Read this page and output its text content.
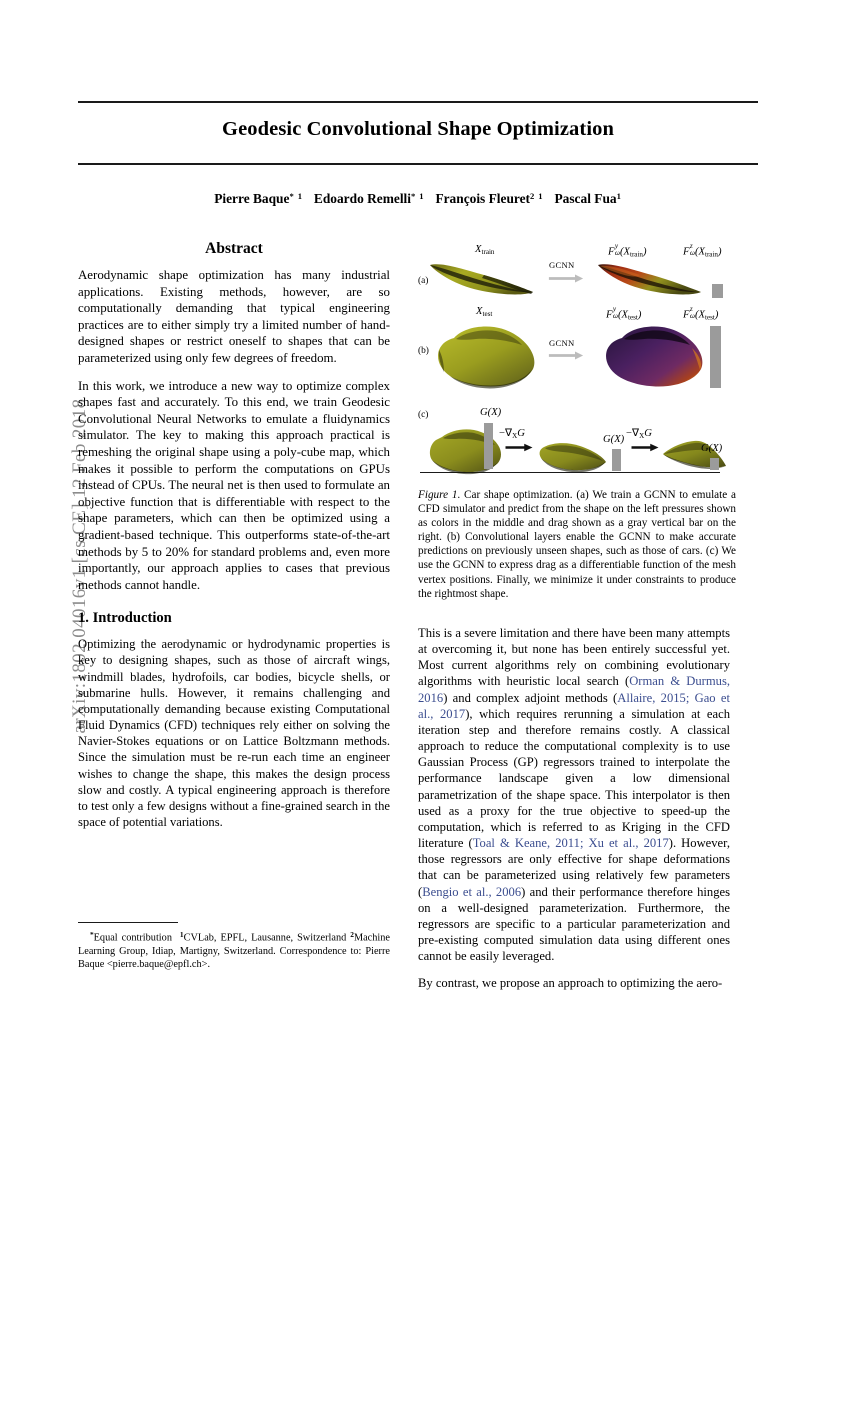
arXiv:1802.04016v1 [cs.CE] 12 Feb 2018
Geodesic Convolutional Shape Optimization
Pierre Baque$^{* 1}$ Edoardo Remelli$^{* 1}$ François Fleuret$^{2 1}$ Pascal Fua$^1$
Abstract

Aerodynamic shape optimization has many industrial applications. Existing methods, however, are so computationally demanding that typical engineering practices are to either simply try a limited number of hand-designed shapes or restrict oneself to shapes that can be parameterized using only few degrees of freedom.

In this work, we introduce a new way to optimize complex shapes fast and accurately. To this end, we train Geodesic Convolutional Neural Networks to emulate a fluidynamics simulator. The key to making this approach practical is remeshing the original shape using a poly-cube map, which makes it possible to perform the computations on GPUs instead of CPUs. The neural net is then used to formulate an objective function that is differentiable with respect to the shape parameters, which can then be optimized using a gradient-based technique. This outperforms state-of-the-art methods by 5 to 20% for standard problems and, even more importantly, our approach applies to cases that previous methods cannot handle.

1. Introduction

Optimizing the aerodynamic or hydrodynamic properties is key to designing shapes, such as those of aircraft wings, windmill blades, hydrofoils, car bodies, bicycle shells, or submarine hulls. However, it remains challenging and computationally demanding because existing Computational Fluid Dynamics (CFD) techniques rely either on solving the Navier-Stokes equations or on Lattice Boltzmann methods. Since the simulation must be re-run each time an engineer wishes to change the shape, this makes the design process slow and costly. A typical engineering approach is therefore to test only a few designs without a fine-grained search in the space of potential variations.

*Equal contribution $^1$CVLab, EPFL, Lausanne, Switzerland $^2$Machine Learning Group, Idiap, Martigny, Switzerland. Correspondence to: Pierre Baque <pierre.baque@epfl.ch>.

(a)
$X_{train}$
GCNN
F
y
ω $(X_{train})$	F
z
ω $(X_{train})$
(b)
$X_{test}$
GCNN
F
y
ω $(X_{test})$	F
z
ω $(X_{test})$
(c)	G(X)
$-\nabla_XG$
G(X)
$-\nabla_XG$
G(X)
Figure 1. Car shape optimization. (a) We train a GCNN to emulate a CFD simulator and predict from the shape on the left pressures shown as colors in the middle and drag shown as a gray vertical bar on the right. (b) Convolutional layers enable the GCNN to make accurate predictions on previously unseen shapes, such as those of cars. (c) We use the GCNN to express drag as a differentiable function of the mesh vertex positions. Finally, we minimize it under constraints to produce the rightmost shape.

This is a severe limitation and there have been many attempts at overcoming it, but none has been entirely successful yet. Most current algorithms rely on combining evolutionary algorithms with heuristic local search (Orman & Durmus, 2016) and complex adjoint methods (Allaire, 2015; Gao et al., 2017), which requires rerunning a simulation at each iteration step and therefore remains costly. A classical approach to reduce the computational complexity is to use Gaussian Process (GP) regressors trained to interpolate the performance landscape given a low dimensional parametrization of the shape space. This interpolator is then used as a proxy for the true objective to speed-up the computation, which is referred to as Kriging in the CFD literature (Toal & Keane, 2011; Xu et al., 2017). However, those regressors are only effective for shape deformations that can be parameterized using relatively few parameters (Bengio et al., 2006) and their performance therefore hinges on a well-designed parameterization. Furthermore, the regressors are specific to a particular parameterization and pre-existing computed simulation data using different ones cannot be easily leveraged.

By contrast, we propose an approach to optimizing the aero-
